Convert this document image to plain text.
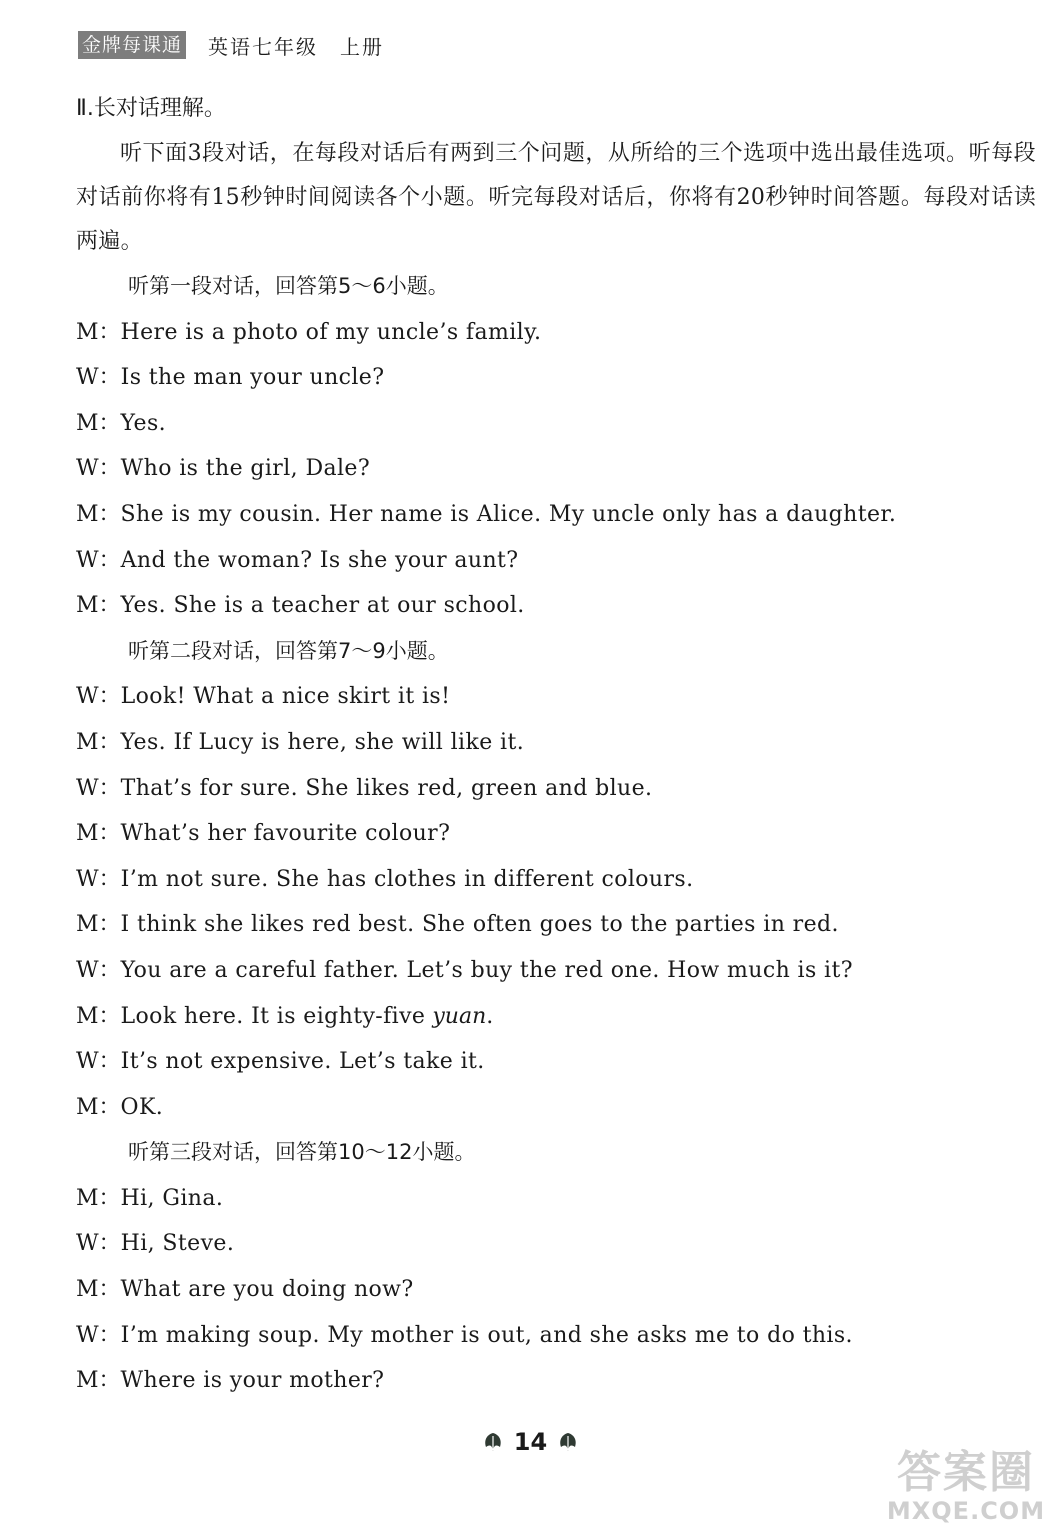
金牌每课通 英语七年级 上册
Ⅱ.长对话理解。

听下面3段对话，在每段对话后有两到三个问题，从所给的三个选项中选出最佳选项。听每段对话前你将有15秒钟时间阅读各个小题。听完每段对话后，你将有20秒钟时间答题。每段对话读两遍。

听第一段对话，回答第5～6小题。
M：Here is a photo of my uncle’s family.
W：Is the man your uncle?
M：Yes.
W：Who is the girl, Dale?
M：She is my cousin. Her name is Alice. My uncle only has a daughter.
W：And the woman? Is she your aunt?
M：Yes. She is a teacher at our school.
听第二段对话，回答第7～9小题。
W：Look! What a nice skirt it is!
M：Yes. If Lucy is here, she will like it.
W：That’s for sure. She likes red, green and blue.
M：What’s her favourite colour?
W：I’m not sure. She has clothes in different colours.
M：I think she likes red best. She often goes to the parties in red.
W：You are a careful father. Let’s buy the red one. How much is it?
M：Look here. It is eighty-five yuan.
W：It’s not expensive. Let’s take it.
M：OK.
听第三段对话，回答第10～12小题。
M：Hi, Gina.
W：Hi, Steve.
M：What are you doing now?
W：I’m making soup. My mother is out, and she asks me to do this.
M：Where is your mother?
14
答案圈
MXQE.COM
